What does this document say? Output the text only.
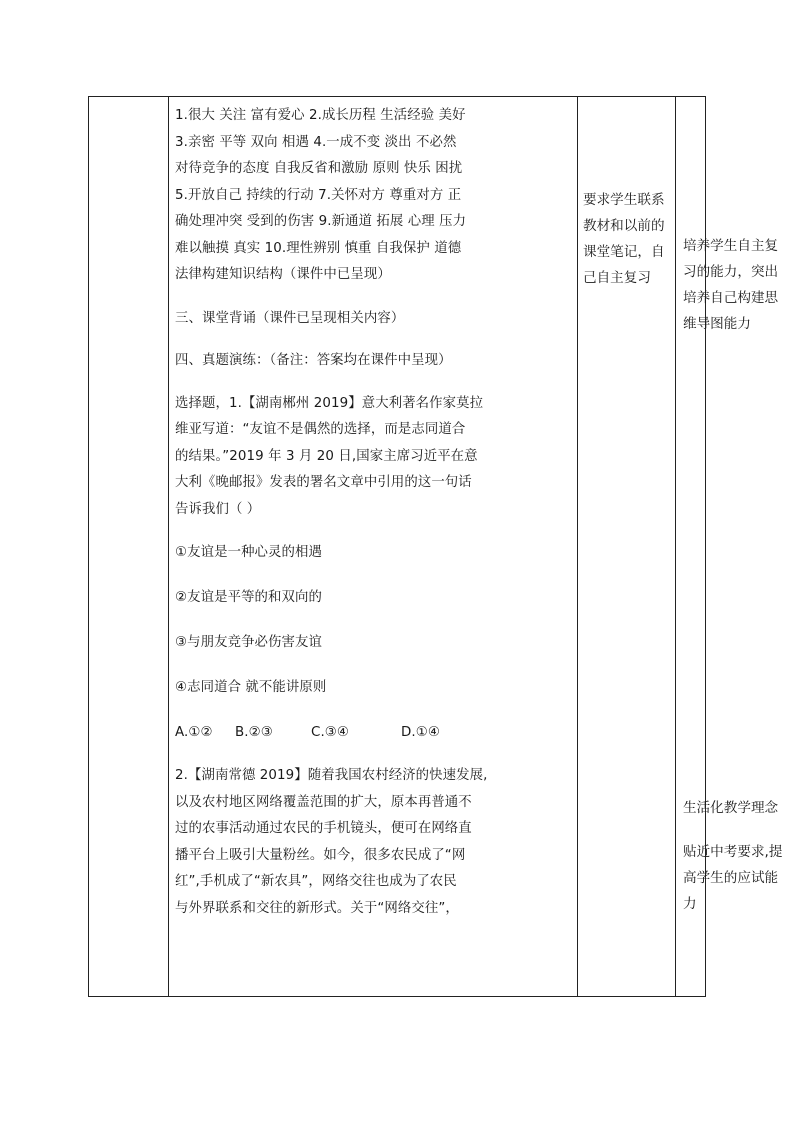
1.很大 关注 富有爱心 2.成长历程 生活经验 美好

3.亲密 平等 双向 相遇 4.一成不变 淡出 不必然

对待竞争的态度 自我反省和激励 原则 快乐 困扰

5.开放自己 持续的行动 7.关怀对方 尊重对方 正

确处理冲突 受到的伤害 9.新通道 拓展 心理 压力

难以触摸 真实 10.理性辨别 慎重 自我保护 道德

法律构建知识结构（课件中已呈现）

三、课堂背诵（课件已呈现相关内容）

四、真题演练：（备注：答案均在课件中呈现）

选择题，1.【湖南郴州 2019】意大利著名作家莫拉

维亚写道：“友谊不是偶然的选择，而是志同道合

的结果。”2019 年 3 月 20 日,国家主席习近平在意

大利《晚邮报》发表的署名文章中引用的这一句话

告诉我们（ ）

①友谊是一种心灵的相遇

②友谊是平等的和双向的

③与朋友竞争必伤害友谊

④志同道合 就不能讲原则

A.①② B.②③	C.③④	D.①④

2.【湖南常德 2019】随着我国农村经济的快速发展,

以及农村地区网络覆盖范围的扩大，原本再普通不

过的农事活动通过农民的手机镜头，便可在网络直

播平台上吸引大量粉丝。如今，很多农民成了“网

红”,手机成了“新农具”，网络交往也成为了农民

与外界联系和交往的新形式。关于“网络交往”，

要求学生联系

教材和以前的

课堂笔记，自

己自主复习

培养学生自主复

习的能力，突出

培养自己构建思

维导图能力

生活化教学理念

贴近中考要求,提

高学生的应试能

力
